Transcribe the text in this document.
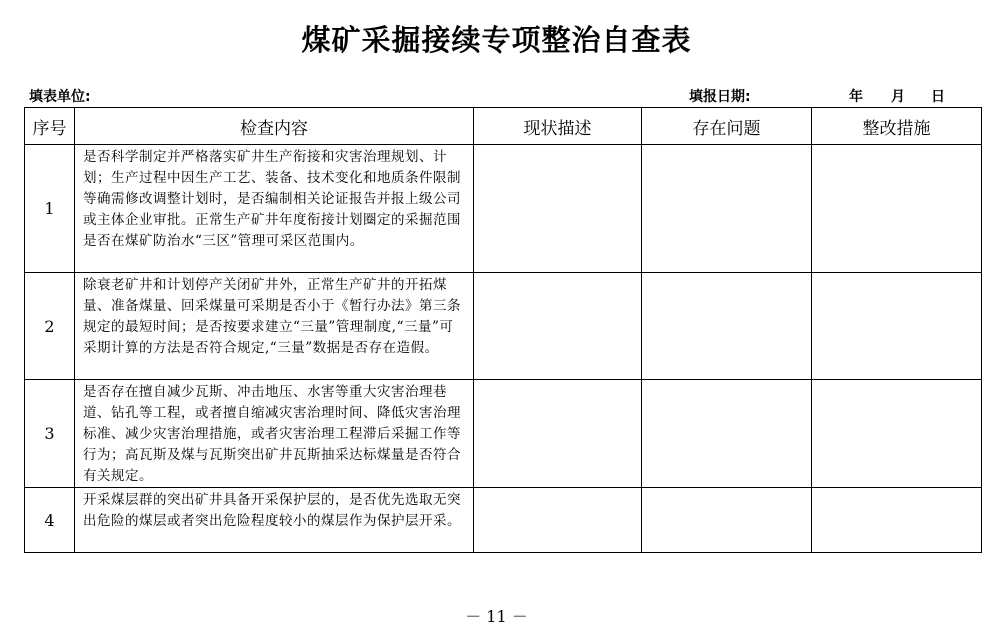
煤矿采掘接续专项整治自查表
填表单位:	填报日期:	年 月 日
序号	检查内容	现状描述	存在问题	整改措施
1	是否科学制定并严格落实矿井生产衔接和灾害治理规划、计划；生产过程中因生产工艺、装备、技术变化和地质条件限制等确需修改调整计划时，是否编制相关论证报告并报上级公司或主体企业审批。正常生产矿井年度衔接计划圈定的采掘范围是否在煤矿防治水“三区”管理可采区范围内。			
2	除衰老矿井和计划停产关闭矿井外，正常生产矿井的开拓煤量、准备煤量、回采煤量可采期是否小于《暂行办法》第三条规定的最短时间；是否按要求建立“三量”管理制度,“三量”可采期计算的方法是否符合规定,“三量”数据是否存在造假。			
3	是否存在擅自减少瓦斯、冲击地压、水害等重大灾害治理巷道、钻孔等工程，或者擅自缩减灾害治理时间、降低灾害治理标准、减少灾害治理措施，或者灾害治理工程滞后采掘工作等行为；高瓦斯及煤与瓦斯突出矿井瓦斯抽采达标煤量是否符合有关规定。			
4	开采煤层群的突出矿井具备开采保护层的，是否优先选取无突出危险的煤层或者突出危险程度较小的煤层作为保护层开采。			
－ 11 －
